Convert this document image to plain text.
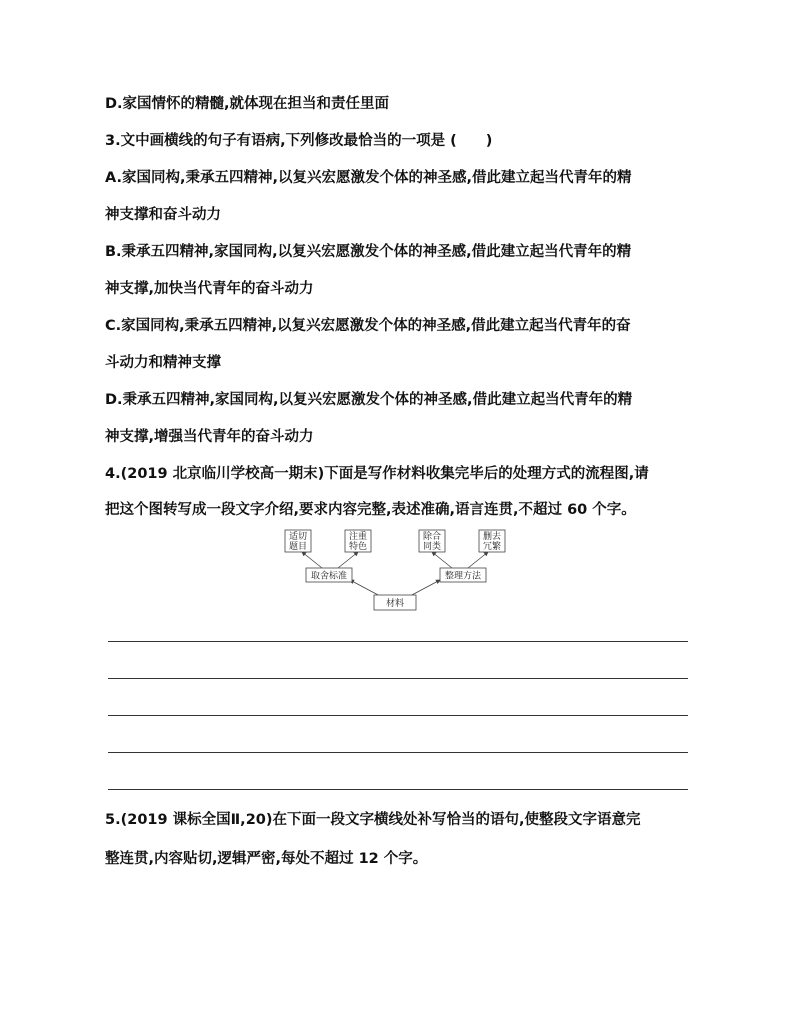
D.家国情怀的精髓,就体现在担当和责任里面
3.文中画横线的句子有语病,下列修改最恰当的一项是 (　　)
A.家国同构,秉承五四精神,以复兴宏愿激发个体的神圣感,借此建立起当代青年的精
神支撑和奋斗动力
B.秉承五四精神,家国同构,以复兴宏愿激发个体的神圣感,借此建立起当代青年的精
神支撑,加快当代青年的奋斗动力
C.家国同构,秉承五四精神,以复兴宏愿激发个体的神圣感,借此建立起当代青年的奋
斗动力和精神支撑
D.秉承五四精神,家国同构,以复兴宏愿激发个体的神圣感,借此建立起当代青年的精
神支撑,增强当代青年的奋斗动力
4.(2019 北京临川学校高一期末)下面是写作材料收集完毕后的处理方式的流程图,请
把这个图转写成一段文字介绍,要求内容完整,表述准确,语言连贯,不超过 60 个字。
适切
题目
注重
特色
除合
同类
删去
冗繁
取舍标准	整理方法
材料
5.(2019 课标全国Ⅱ,20)在下面一段文字横线处补写恰当的语句,使整段文字语意完
整连贯,内容贴切,逻辑严密,每处不超过 12 个字。
